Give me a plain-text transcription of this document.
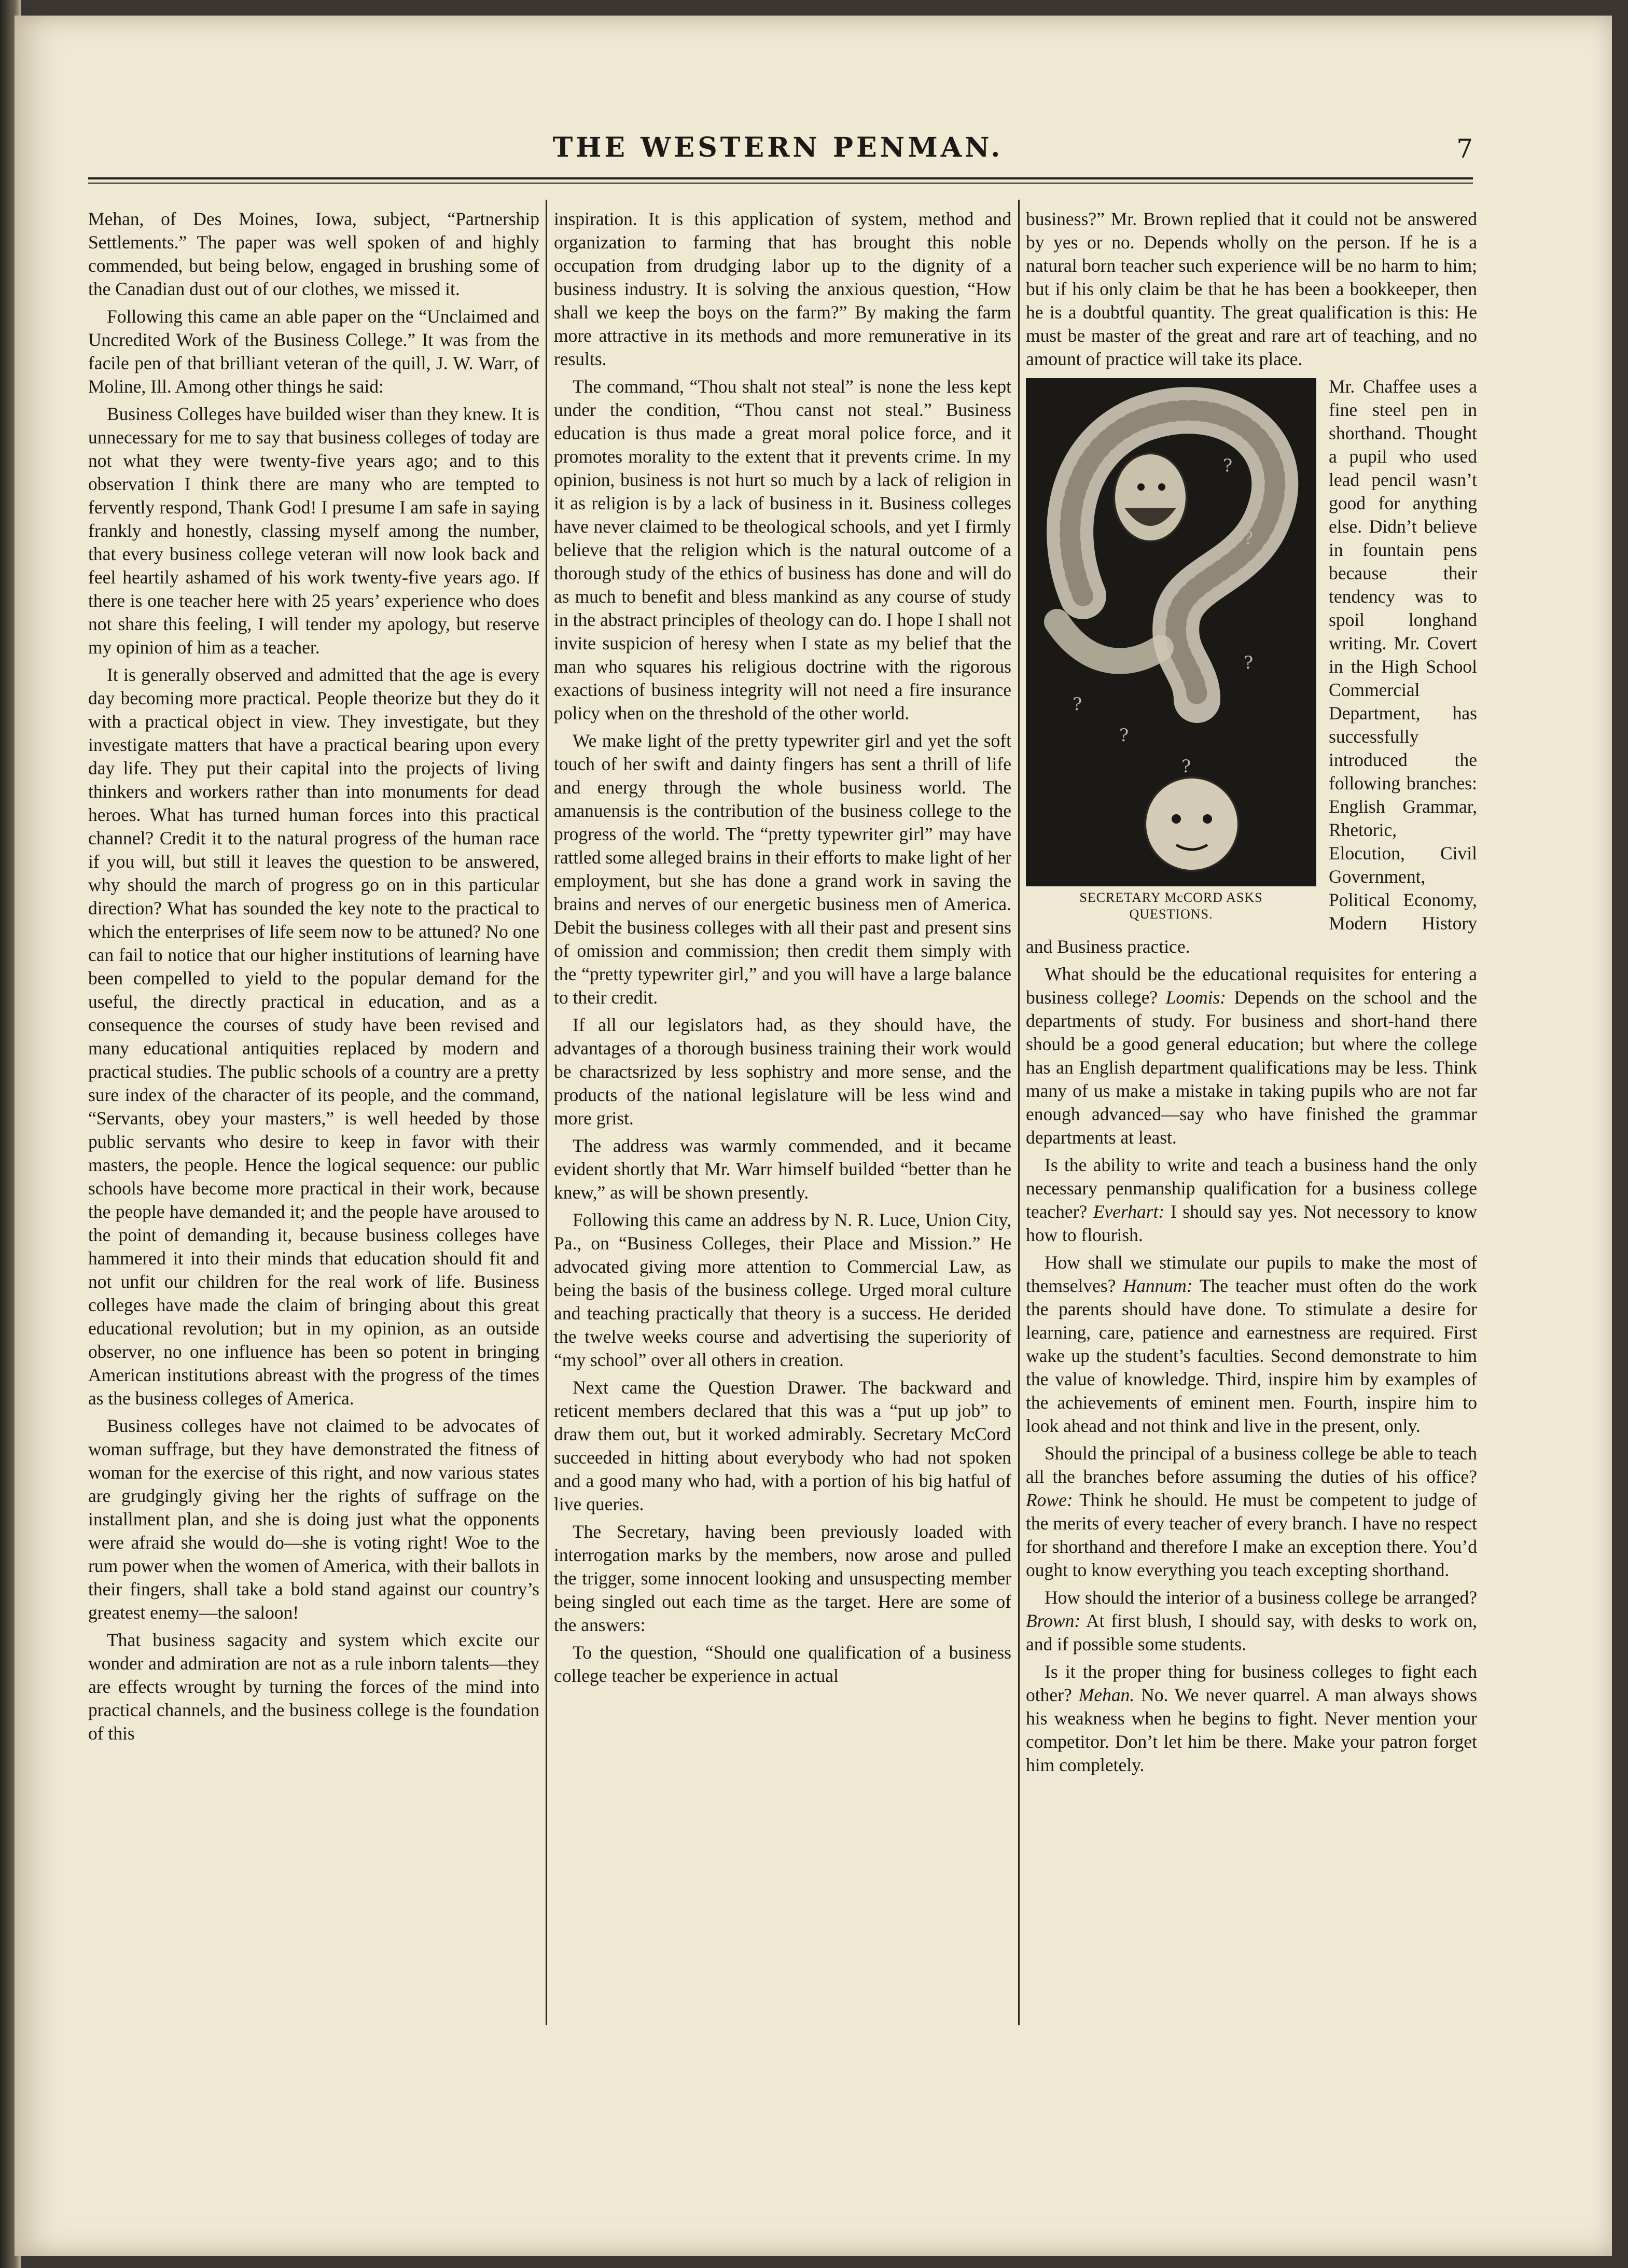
THE WESTERN PENMAN.	7

Mehan, of Des Moines, Iowa, subject, “Partnership Settlements.” The paper was well spoken of and highly commended, but being below, engaged in brushing some of the Canadian dust out of our clothes, we missed it.

Following this came an able paper on the “Unclaimed and Uncredited Work of the Business College.” It was from the facile pen of that brilliant veteran of the quill, J. W. Warr, of Moline, Ill. Among other things he said:

Business Colleges have builded wiser than they knew. It is unnecessary for me to say that business colleges of today are not what they were twenty-five years ago; and to this observation I think there are many who are tempted to fervently respond, Thank God! I presume I am safe in saying frankly and honestly, classing myself among the number, that every business college veteran will now look back and feel heartily ashamed of his work twenty-five years ago. If there is one teacher here with 25 years’ experience who does not share this feeling, I will tender my apology, but reserve my opinion of him as a teacher.

It is generally observed and admitted that the age is every day becoming more practical. People theorize but they do it with a practical object in view. They investigate, but they investigate matters that have a practical bearing upon every day life. They put their capital into the projects of living thinkers and workers rather than into monuments for dead heroes. What has turned human forces into this practical channel? Credit it to the natural progress of the human race if you will, but still it leaves the question to be answered, why should the march of progress go on in this particular direction? What has sounded the key note to the practical to which the enterprises of life seem now to be attuned? No one can fail to notice that our higher institutions of learning have been compelled to yield to the popular demand for the useful, the directly practical in education, and as a consequence the courses of study have been revised and many educational antiquities replaced by modern and practical studies. The public schools of a country are a pretty sure index of the character of its people, and the command, “Servants, obey your masters,” is well heeded by those public servants who desire to keep in favor with their masters, the people. Hence the logical sequence: our public schools have become more practical in their work, because the people have demanded it; and the people have aroused to the point of demanding it, because business colleges have hammered it into their minds that education should fit and not unfit our children for the real work of life. Business colleges have made the claim of bringing about this great educational revolution; but in my opinion, as an outside observer, no one influence has been so potent in bringing American institutions abreast with the progress of the times as the business colleges of America.

Business colleges have not claimed to be advocates of woman suffrage, but they have demonstrated the fitness of woman for the exercise of this right, and now various states are grudgingly giving her the rights of suffrage on the installment plan, and she is doing just what the opponents were afraid she would do—she is voting right! Woe to the rum power when the women of America, with their ballots in their fingers, shall take a bold stand against our country’s greatest enemy—the saloon!

That business sagacity and system which excite our wonder and admiration are not as a rule inborn talents—they are effects wrought by turning the forces of the mind into practical channels, and the business college is the foundation of this

inspiration. It is this application of system, method and organization to farming that has brought this noble occupation from drudging labor up to the dignity of a business industry. It is solving the anxious question, “How shall we keep the boys on the farm?” By making the farm more attractive in its methods and more remunerative in its results.

The command, “Thou shalt not steal” is none the less kept under the condition, “Thou canst not steal.” Business education is thus made a great moral police force, and it promotes morality to the extent that it prevents crime. In my opinion, business is not hurt so much by a lack of religion in it as religion is by a lack of business in it. Business colleges have never claimed to be theological schools, and yet I firmly believe that the religion which is the natural outcome of a thorough study of the ethics of business has done and will do as much to benefit and bless mankind as any course of study in the abstract principles of theology can do. I hope I shall not invite suspicion of heresy when I state as my belief that the man who squares his religious doctrine with the rigorous exactions of business integrity will not need a fire insurance policy when on the threshold of the other world.

We make light of the pretty typewriter girl and yet the soft touch of her swift and dainty fingers has sent a thrill of life and energy through the whole business world. The amanuensis is the contribution of the business college to the progress of the world. The “pretty typewriter girl” may have rattled some alleged brains in their efforts to make light of her employment, but she has done a grand work in saving the brains and nerves of our energetic business men of America. Debit the business colleges with all their past and present sins of omission and commission; then credit them simply with the “pretty typewriter girl,” and you will have a large balance to their credit.

If all our legislators had, as they should have, the advantages of a thorough business training their work would be charactsrized by less sophistry and more sense, and the products of the national legislature will be less wind and more grist.

The address was warmly commended, and it became evident shortly that Mr. Warr himself builded “better than he knew,” as will be shown presently.

Following this came an address by N. R. Luce, Union City, Pa., on “Business Colleges, their Place and Mission.” He advocated giving more attention to Commercial Law, as being the basis of the business college. Urged moral culture and teaching practically that theory is a success. He derided the twelve weeks course and advertising the superiority of “my school” over all others in creation.

Next came the Question Drawer. The backward and reticent members declared that this was a “put up job” to draw them out, but it worked admirably. Secretary McCord succeeded in hitting about everybody who had not spoken and a good many who had, with a portion of his big hatful of live queries.

The Secretary, having been previously loaded with interrogation marks by the members, now arose and pulled the trigger, some innocent looking and unsuspecting member being singled out each time as the target. Here are some of the answers:

To the question, “Should one qualification of a business college teacher be experience in actual

business?” Mr. Brown replied that it could not be answered by yes or no. Depends wholly on the person. If he is a natural born teacher such experience will be no harm to him; but if his only claim be that he has been a bookkeeper, then he is a doubtful quantity. The great qualification is this: He must be master of the great and rare art of teaching, and no amount of practice will take its place.

?
?
?
?
?
?
SECRETARY McCORD ASKS
QUESTIONS.

Mr. Chaffee uses a fine steel pen in shorthand. Thought a pupil who used lead pencil wasn’t good for anything else. Didn’t believe in fountain pens because their tendency was to spoil longhand writing. Mr. Covert in the High School Commercial Department, has successfully introduced the following branches: English Grammar, Rhetoric, Elocution, Civil Government, Political Economy, Modern History and Business practice.

What should be the educational requisites for entering a business college? Loomis: Depends on the school and the departments of study. For business and short-hand there should be a good general education; but where the college has an English department qualifications may be less. Think many of us make a mistake in taking pupils who are not far enough advanced—say who have finished the grammar departments at least.

Is the ability to write and teach a business hand the only necessary penmanship qualification for a business college teacher? Everhart: I should say yes. Not necessory to know how to flourish.

How shall we stimulate our pupils to make the most of themselves? Hannum: The teacher must often do the work the parents should have done. To stimulate a desire for learning, care, patience and earnestness are required. First wake up the student’s faculties. Second demonstrate to him the value of knowledge. Third, inspire him by examples of the achievements of eminent men. Fourth, inspire him to look ahead and not think and live in the present, only.

Should the principal of a business college be able to teach all the branches before assuming the duties of his office? Rowe: Think he should. He must be competent to judge of the merits of every teacher of every branch. I have no respect for shorthand and therefore I make an exception there. You’d ought to know everything you teach excepting shorthand.

How should the interior of a business college be arranged? Brown: At first blush, I should say, with desks to work on, and if possible some students.

Is it the proper thing for business colleges to fight each other? Mehan. No. We never quarrel. A man always shows his weakness when he begins to fight. Never mention your competitor. Don’t let him be there. Make your patron forget him completely.
